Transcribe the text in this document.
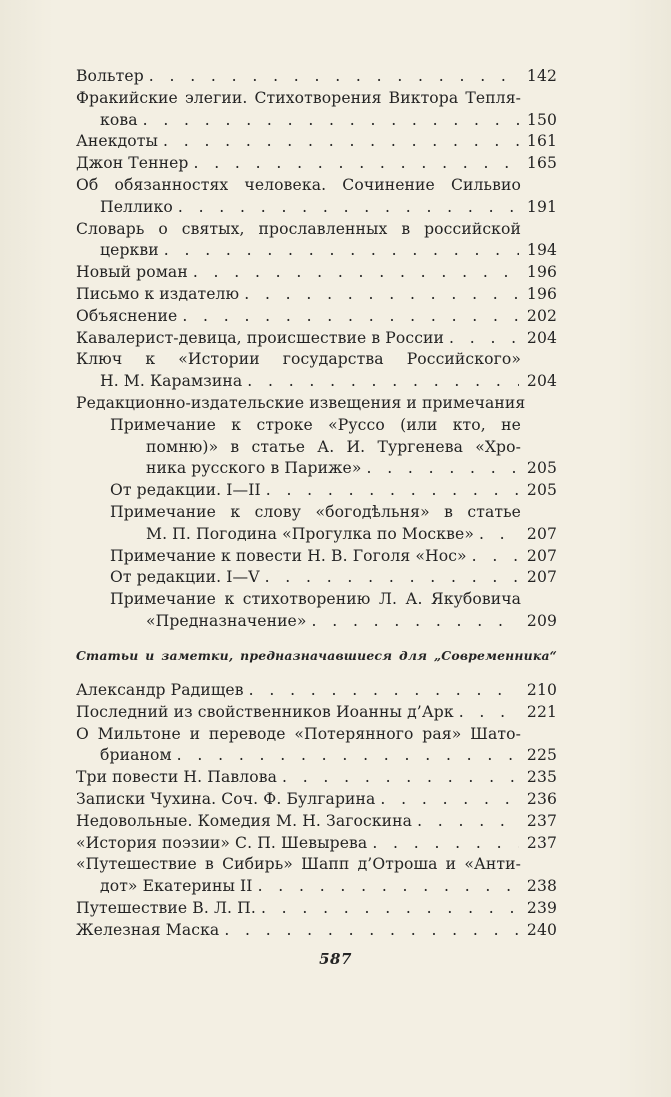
Вольтер . . .	142
Фракийские элегии. Стихотворения Виктора Тепля-
кова . . .	150
Анекдоты . . .	161
Джон Теннер . . .	165
Об обязанностях человека. Сочинение Сильвио
Пеллико . . .	191
Словарь о святых, прославленных в российской
церкви . . .	194
Новый роман . . .	196
Письмо к издателю . . .	196
Объяснение . . .	202
Кавалерист-девица, происшествие в России . . .	204
Ключ к «Истории государства Российского»
Н. М. Карамзина . . .	204
Редакционно-издательские извещения и примечания
Примечание к строке «Руссо (или кто, не
помню)» в статье А. И. Тургенева «Хро-
ника русского в Париже» . . .	205
От редакции. I—II . . .	205
Примечание к слову «богодѣльня» в статье
М. П. Погодина «Прогулка по Москве» . . .	207
Примечание к повести Н. В. Гоголя «Нос» . . .	207
От редакции. I—V . . .	207
Примечание к стихотворению Л. А. Якубовича
«Предназначение» . . .	209
Статьи и заметки, предназначавшиеся для „Современника“
Александр Радищев . . .	210
Последний из свойственников Иоанны д’Арк . . .	221
О Мильтоне и переводе «Потерянного рая» Шато-
брианом . . .	225
Три повести Н. Павлова . . .	235
Записки Чухина. Соч. Ф. Булгарина . . .	236
Недовольные. Комедия М. Н. Загоскина . . .	237
«История поэзии» С. П. Шевырева . . .	237
«Путешествие в Сибирь» Шапп д’Отроша и «Анти-
дот» Екатерины II . . .	238
Путешествие В. Л. П. . . .	239
Железная Маска . . .	240
587
